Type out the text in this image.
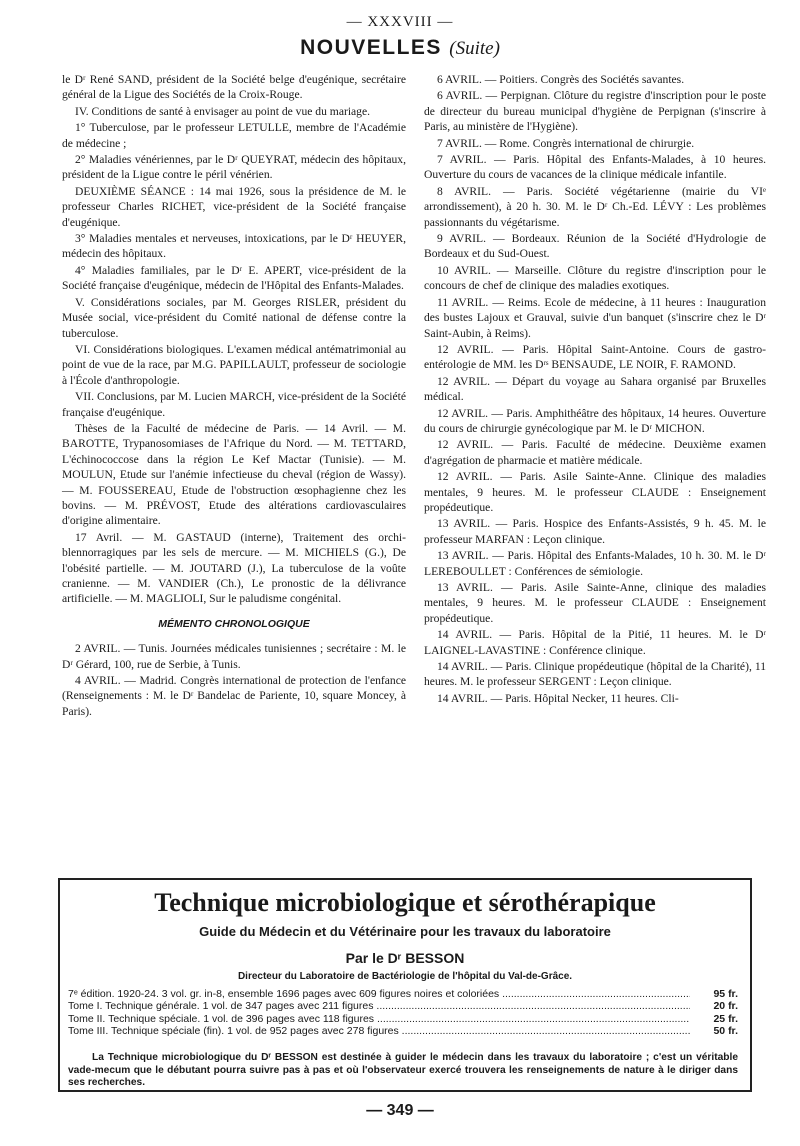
— XXXVIII —
NOUVELLES (Suite)

le Dʳ René SAND, président de la Société belge d'eugénique, secrétaire général de la Ligue des Sociétés de la Croix-Rouge.

IV. Conditions de santé à envisager au point de vue du mariage.

1° Tuberculose, par le professeur LETULLE, membre de l'Académie de médecine ;

2° Maladies vénériennes, par le Dʳ QUEYRAT, médecin des hôpitaux, président de la Ligue contre le péril vénérien.

DEUXIÈME SÉANCE : 14 mai 1926, sous la présidence de M. le professeur Charles RICHET, vice-président de la Société française d'eugénique.

3° Maladies mentales et nerveuses, intoxications, par le Dʳ HEUYER, médecin des hôpitaux.

4° Maladies familiales, par le Dʳ E. APERT, vice-président de la Société française d'eugénique, médecin de l'Hôpital des Enfants-Malades.

V. Considérations sociales, par M. Georges RISLER, président du Musée social, vice-président du Comité national de défense contre la tuberculose.

VI. Considérations biologiques. L'examen médical antématrimonial au point de vue de la race, par M.G. PAPILLAULT, professeur de sociologie à l'École d'anthropologie.

VII. Conclusions, par M. Lucien MARCH, vice-président de la Société française d'eugénique.

Thèses de la Faculté de médecine de Paris. — 14 Avril. — M. BAROTTE, Trypanosomiases de l'Afrique du Nord. — M. TETTARD, L'échinococcose dans la région Le Kef Mactar (Tunisie). — M. MOULUN, Etude sur l'anémie infectieuse du cheval (région de Wassy). — M. FOUSSEREAU, Etude de l'obstruction œsophagienne chez les bovins. — M. PRÉVOST, Etude des altérations cardiovasculaires d'origine alimentaire.

17 Avril. — M. GASTAUD (interne), Traitement des orchi-blennorragiques par les sels de mercure. — M. MICHIELS (G.), De l'obésité partielle. — M. JOUTARD (J.), La tuberculose de la voûte cranienne. — M. VANDIER (Ch.), Le pronostic de la délivrance artificielle. — M. MAGLIOLI, Sur le paludisme congénital.

MÉMENTO CHRONOLOGIQUE

2 AVRIL. — Tunis. Journées médicales tunisiennes ; secrétaire : M. le Dʳ Gérard, 100, rue de Serbie, à Tunis.

4 AVRIL. — Madrid. Congrès international de protection de l'enfance (Renseignements : M. le Dʳ Bandelac de Pariente, 10, square Moncey, à Paris).

6 AVRIL. — Poitiers. Congrès des Sociétés savantes.

6 AVRIL. — Perpignan. Clôture du registre d'inscription pour le poste de directeur du bureau municipal d'hygiène de Perpignan (s'inscrire à Paris, au ministère de l'Hygiène).

7 AVRIL. — Rome. Congrès international de chirurgie.

7 AVRIL. — Paris. Hôpital des Enfants-Malades, à 10 heures. Ouverture du cours de vacances de la clinique médicale infantile.

8 AVRIL. — Paris. Société végétarienne (mairie du VIᵉ arrondissement), à 20 h. 30. M. le Dʳ Ch.-Ed. LÉVY : Les problèmes passionnants du végétarisme.

9 AVRIL. — Bordeaux. Réunion de la Société d'Hydrologie de Bordeaux et du Sud-Ouest.

10 AVRIL. — Marseille. Clôture du registre d'inscription pour le concours de chef de clinique des maladies exotiques.

11 AVRIL. — Reims. Ecole de médecine, à 11 heures : Inauguration des bustes Lajoux et Grauval, suivie d'un banquet (s'inscrire chez le Dʳ Saint-Aubin, à Reims).

12 AVRIL. — Paris. Hôpital Saint-Antoine. Cours de gastro-entérologie de MM. les Dʳˢ BENSAUDE, LE NOIR, F. RAMOND.

12 AVRIL. — Départ du voyage au Sahara organisé par Bruxelles médical.

12 AVRIL. — Paris. Amphithéâtre des hôpitaux, 14 heures. Ouverture du cours de chirurgie gynécologique par M. le Dʳ MICHON.

12 AVRIL. — Paris. Faculté de médecine. Deuxième examen d'agrégation de pharmacie et matière médicale.

12 AVRIL. — Paris. Asile Sainte-Anne. Clinique des maladies mentales, 9 heures. M. le professeur CLAUDE : Enseignement propédeutique.

13 AVRIL. — Paris. Hospice des Enfants-Assistés, 9 h. 45. M. le professeur MARFAN : Leçon clinique.

13 AVRIL. — Paris. Hôpital des Enfants-Malades, 10 h. 30. M. le Dʳ LEREBOULLET : Conférences de sémiologie.

13 AVRIL. — Paris. Asile Sainte-Anne, clinique des maladies mentales, 9 heures. M. le professeur CLAUDE : Enseignement propédeutique.

14 AVRIL. — Paris. Hôpital de la Pitié, 11 heures. M. le Dʳ LAIGNEL-LAVASTINE : Conférence clinique.

14 AVRIL. — Paris. Clinique propédeutique (hôpital de la Charité), 11 heures. M. le professeur SERGENT : Leçon clinique.

14 AVRIL. — Paris. Hôpital Necker, 11 heures. Cli-

Technique microbiologique et sérothérapique
Guide du Médecin et du Vétérinaire pour les travaux du laboratoire
Par le Dʳ BESSON
Directeur du Laboratoire de Bactériologie de l'hôpital du Val-de-Grâce.
7ᵉ édition. 1920-24. 3 vol. gr. in-8, ensemble 1696 pages avec 609 figures noires et coloriées .....	95 fr.
Tome I. Technique générale. 1 vol. de 347 pages avec 211 figures .....	20 fr.
Tome II. Technique spéciale. 1 vol. de 396 pages avec 118 figures .....	25 fr.
Tome III. Technique spéciale (fin). 1 vol. de 952 pages avec 278 figures .....	50 fr.
La Technique microbiologique du Dʳ BESSON est destinée à guider le médecin dans les travaux du laboratoire ; c'est un véritable vade-mecum que le débutant pourra suivre pas à pas et où l'observateur exercé trouvera les renseignements de nature à le diriger dans ses recherches.
— 349 —
